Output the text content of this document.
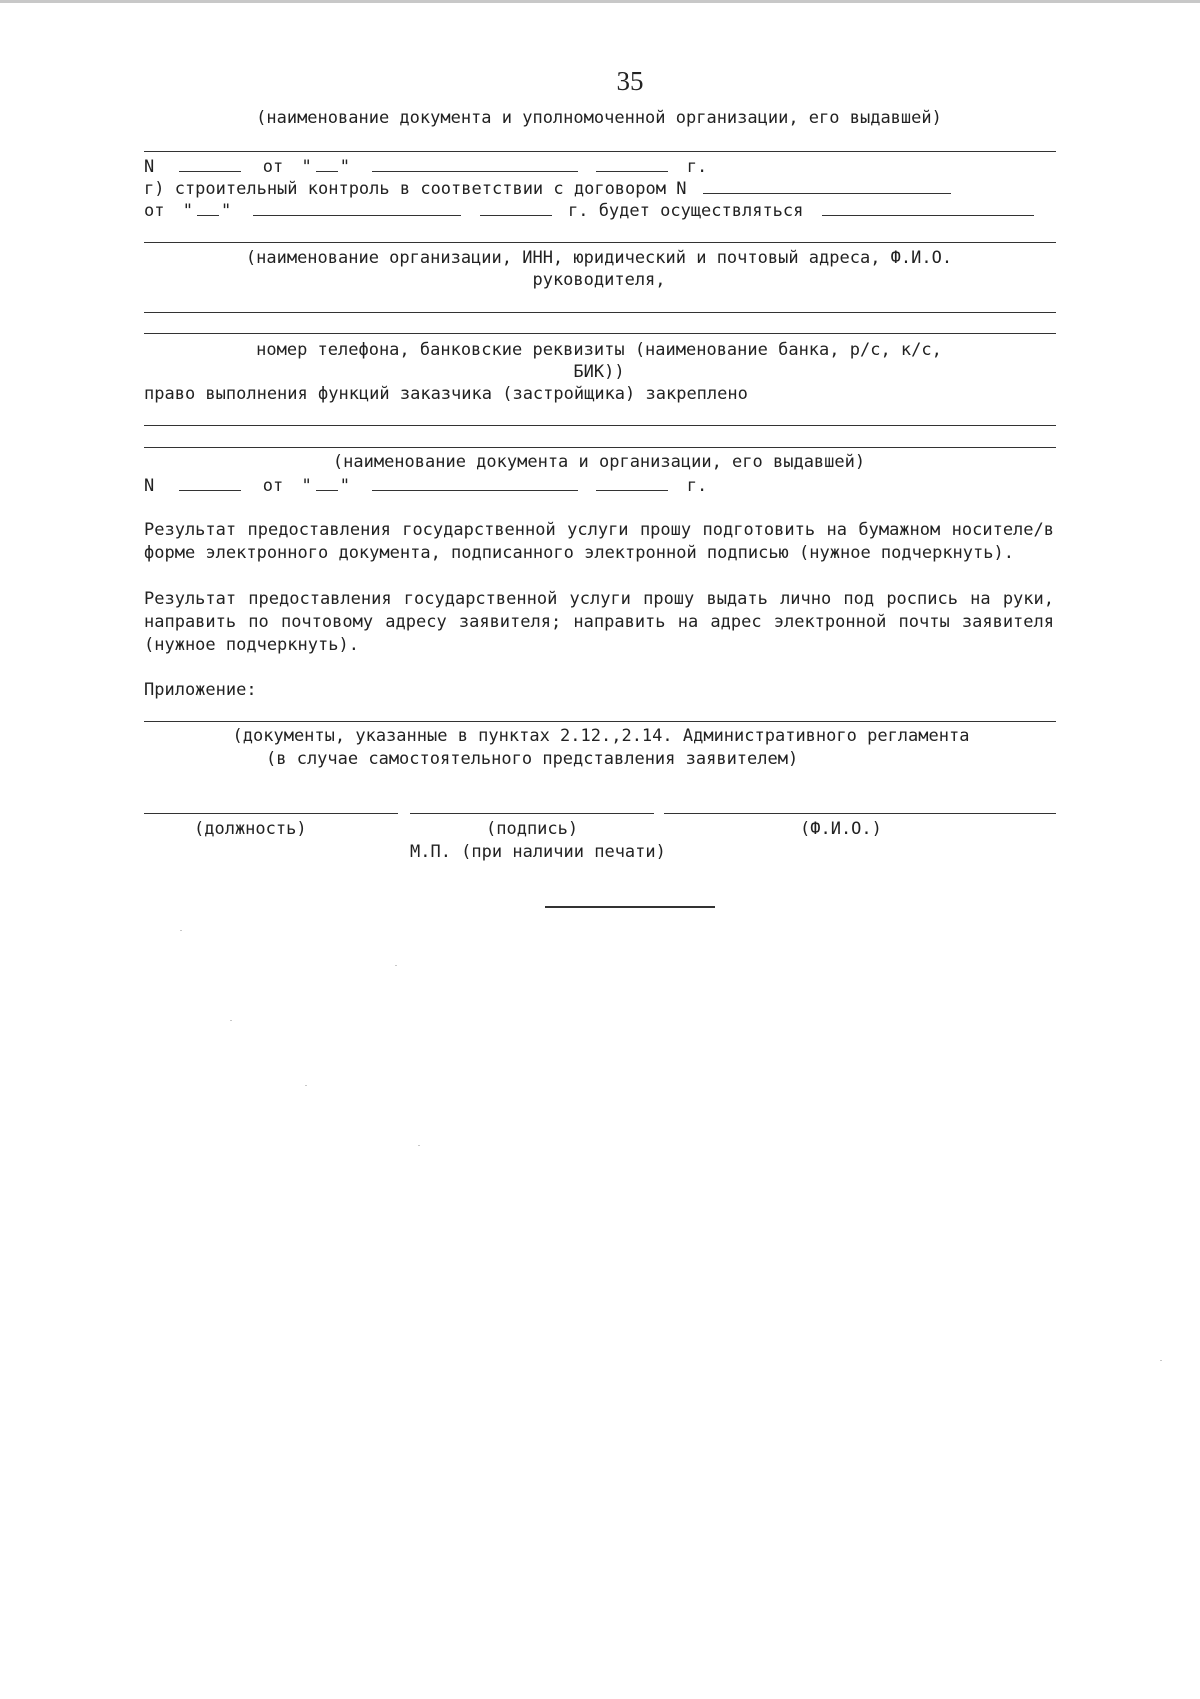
35
(наименование документа и уполномоченной организации, его выдавшей)
N	от " "	г.
г) строительный контроль в соответствии с договором N
от " "	г. будет осуществляться
(наименование организации, ИНН, юридический и почтовый адреса, Ф.И.О.
руководителя,
номер телефона, банковские реквизиты (наименование банка, р/с, к/с,
БИК))
право выполнения функций заказчика (застройщика) закреплено
(наименование документа и организации, его выдавшей)
N	от " "	г.
Результат предоставления государственной услуги прошу подготовить на бумажном носителе/в форме электронного документа, подписанного электронной подписью (нужное подчеркнуть).
Результат предоставления государственной услуги прошу выдать лично под роспись на руки, направить по почтовому адресу заявителя; направить на адрес электронной почты заявителя (нужное подчеркнуть).
Приложение:
(документы, указанные в пунктах 2.12.,2.14. Административного регламента
(в случае самостоятельного представления заявителем)
(должность)	(подпись)	(Ф.И.О.)
М.П. (при наличии печати)
